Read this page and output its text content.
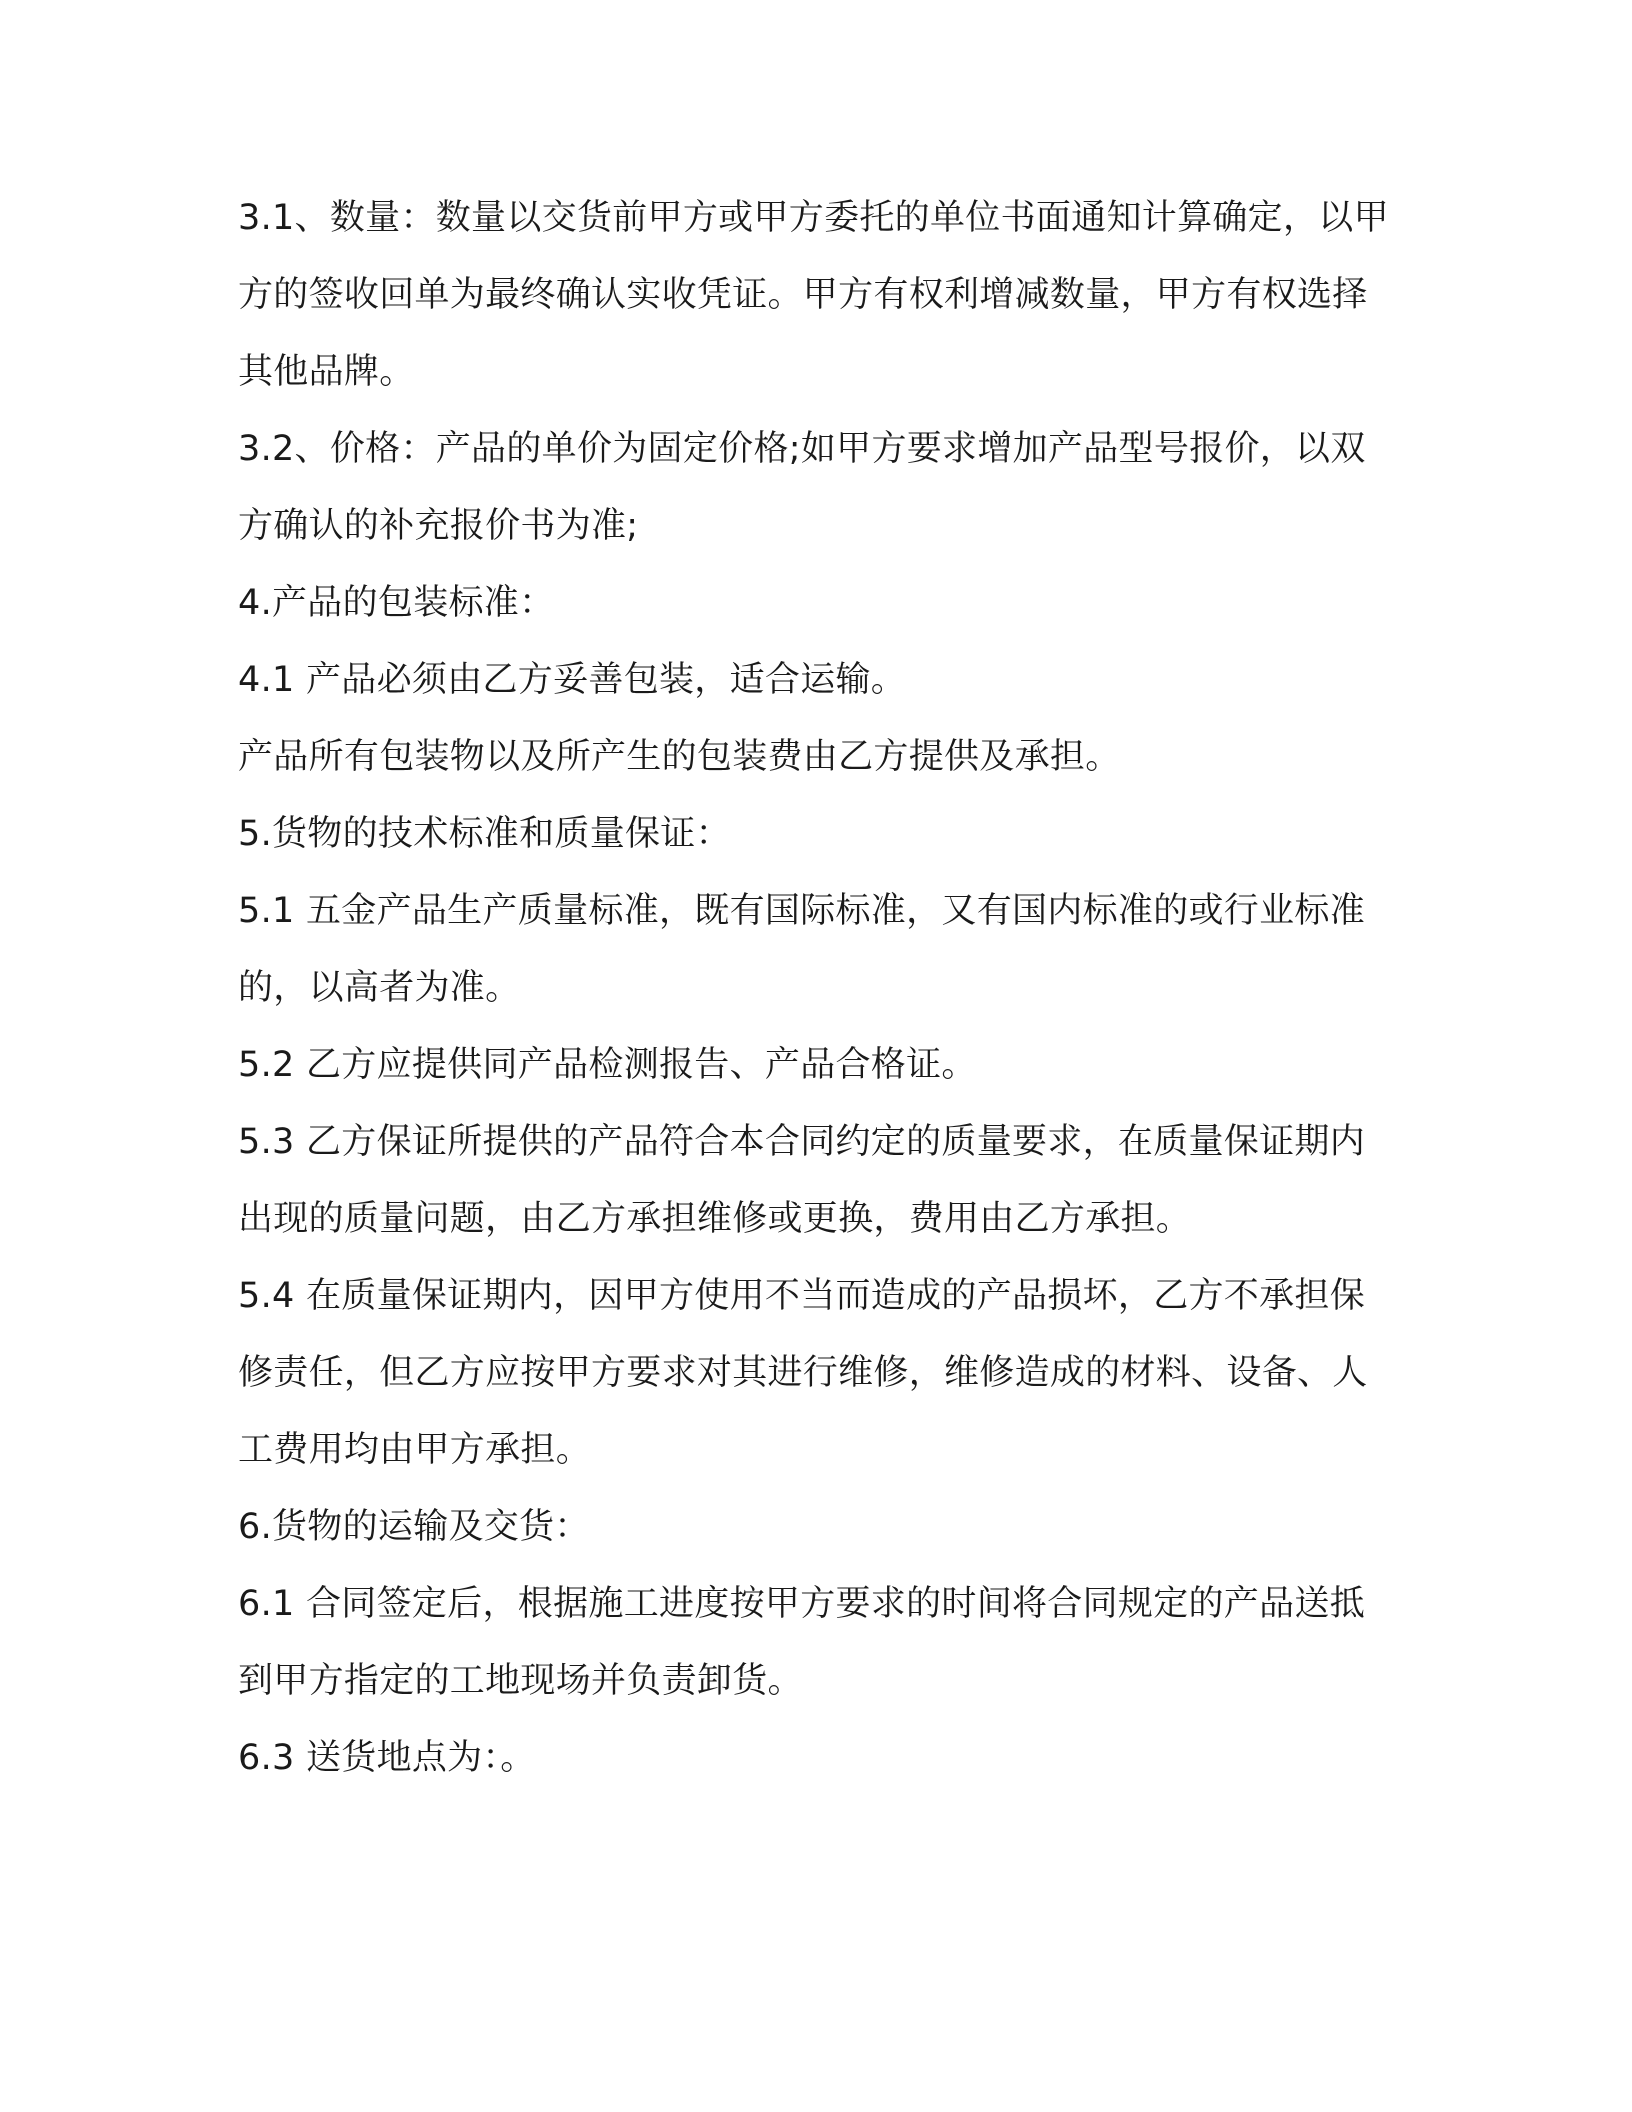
3.1、数量：数量以交货前甲方或甲方委托的单位书面通知计算确定，以甲方的签收回单为最终确认实收凭证。甲方有权利增减数量，甲方有权选择其他品牌。

3.2、价格：产品的单价为固定价格;如甲方要求增加产品型号报价，以双方确认的补充报价书为准;

4.产品的包装标准：

4.1 产品必须由乙方妥善包装，适合运输。

产品所有包装物以及所产生的包装费由乙方提供及承担。

5.货物的技术标准和质量保证：

5.1 五金产品生产质量标准，既有国际标准，又有国内标准的或行业标准的，以高者为准。

5.2 乙方应提供同产品检测报告、产品合格证。

5.3 乙方保证所提供的产品符合本合同约定的质量要求，在质量保证期内出现的质量问题，由乙方承担维修或更换，费用由乙方承担。

5.4 在质量保证期内，因甲方使用不当而造成的产品损坏，乙方不承担保修责任，但乙方应按甲方要求对其进行维修，维修造成的材料、设备、人工费用均由甲方承担。

6.货物的运输及交货：

6.1 合同签定后，根据施工进度按甲方要求的时间将合同规定的产品送抵到甲方指定的工地现场并负责卸货。

6.3 送货地点为：。
